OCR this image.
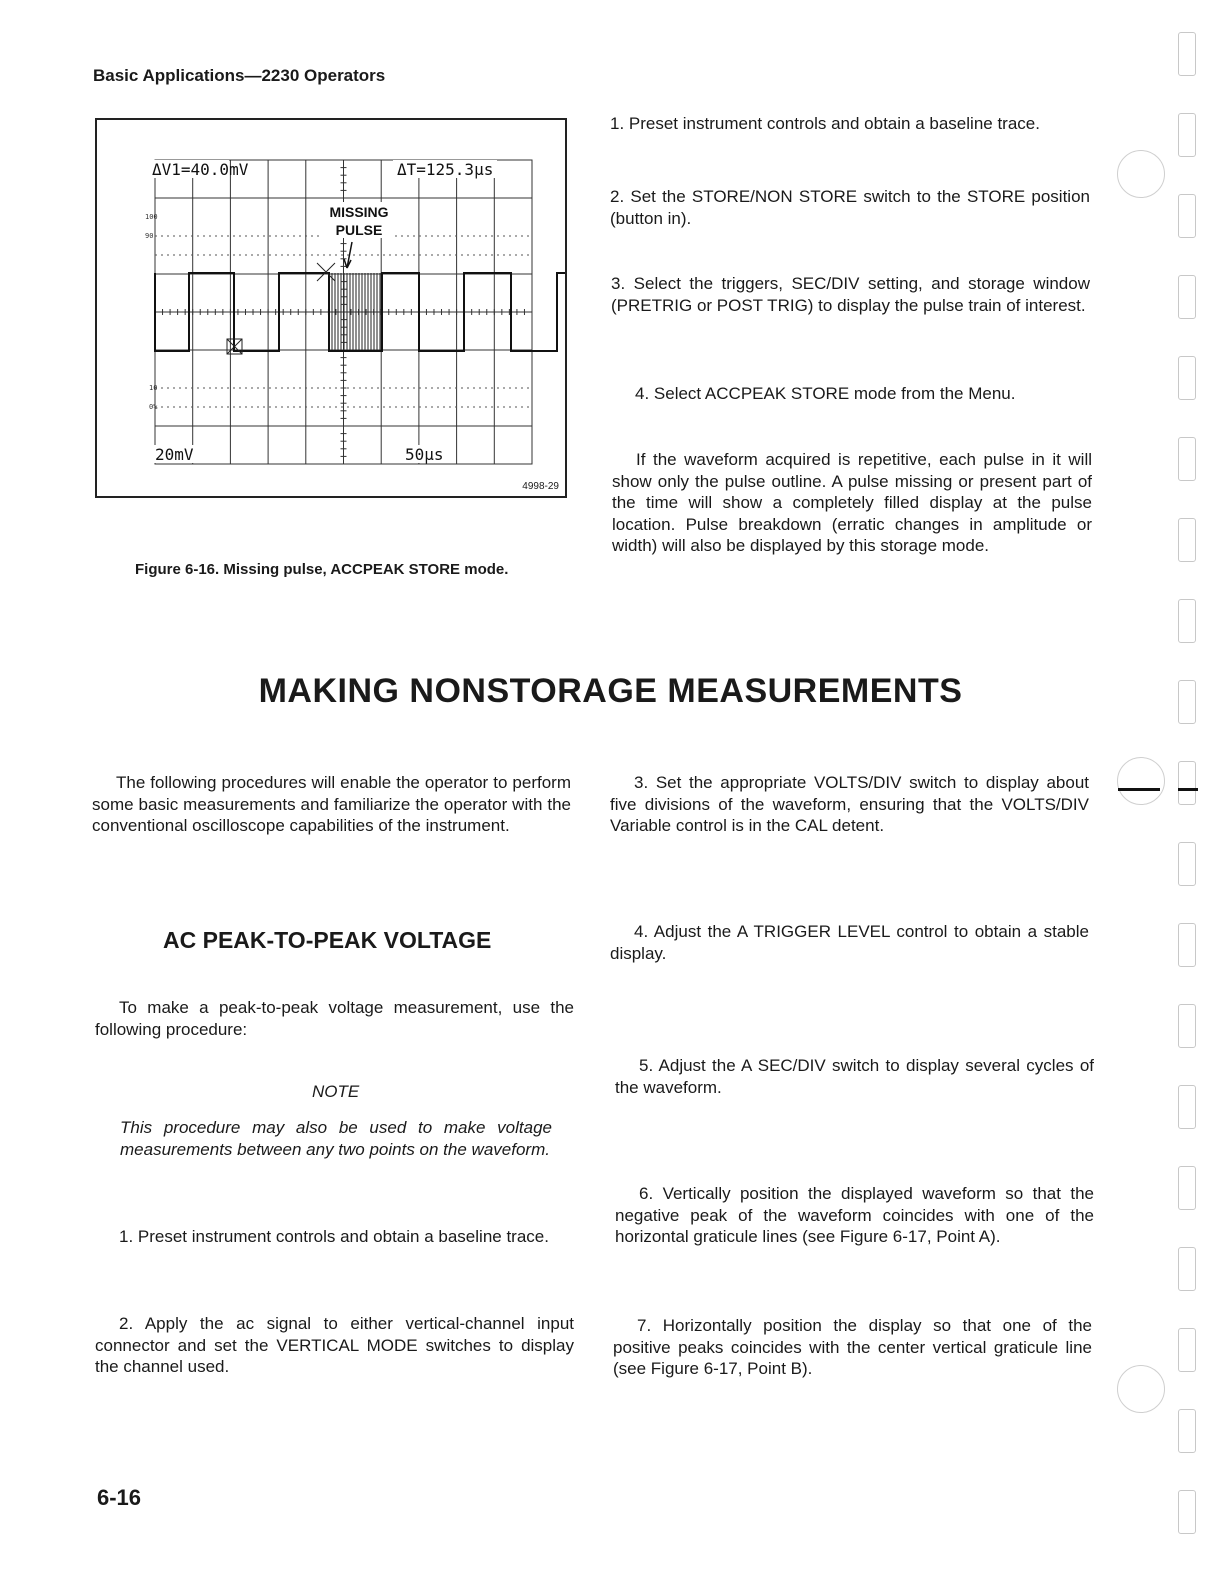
Basic Applications—2230 Operators
ΔV1=40.0mV	ΔT=125.3µs
MISSING
PULSE
100
90
10
0%
20mV	50µs
4998-29
Figure 6-16. Missing pulse, ACCPEAK STORE mode.
1. Preset instrument controls and obtain a baseline trace.
2. Set the STORE/NON STORE switch to the STORE position (button in).
3. Select the triggers, SEC/DIV setting, and storage window (PRETRIG or POST TRIG) to display the pulse train of interest.
4. Select ACCPEAK STORE mode from the Menu.
If the waveform acquired is repetitive, each pulse in it will show only the pulse outline. A pulse missing or present part of the time will show a completely filled display at the pulse location. Pulse breakdown (erratic changes in amplitude or width) will also be displayed by this storage mode.
MAKING NONSTORAGE MEASUREMENTS
The following procedures will enable the operator to perform some basic measurements and familiarize the operator with the conventional oscilloscope capabilities of the instrument.
AC PEAK-TO-PEAK VOLTAGE
To make a peak-to-peak voltage measurement, use the following procedure:
NOTE
This procedure may also be used to make voltage measurements between any two points on the waveform.
1. Preset instrument controls and obtain a baseline trace.
2. Apply the ac signal to either vertical-channel input connector and set the VERTICAL MODE switches to display the channel used.
3. Set the appropriate VOLTS/DIV switch to display about five divisions of the waveform, ensuring that the VOLTS/DIV Variable control is in the CAL detent.
4. Adjust the A TRIGGER LEVEL control to obtain a stable display.
5. Adjust the A SEC/DIV switch to display several cycles of the waveform.
6. Vertically position the displayed waveform so that the negative peak of the waveform coincides with one of the horizontal graticule lines (see Figure 6-17, Point A).
7. Horizontally position the display so that one of the positive peaks coincides with the center vertical graticule line (see Figure 6-17, Point B).
6-16
